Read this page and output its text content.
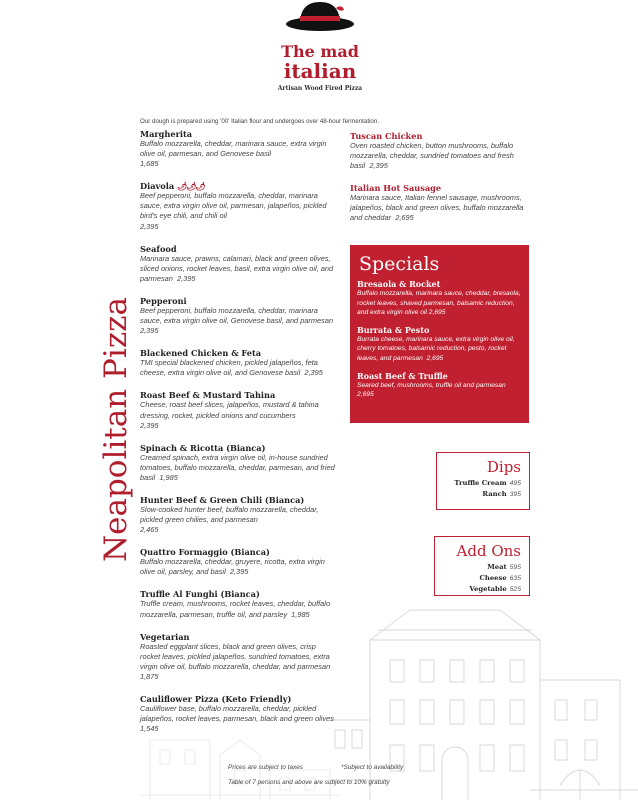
The mad
italian
Artisan Wood Fired Pizza
Neapolitan Pizza
Our dough is prepared using '00' Italian flour and undergoes over 48-hour fermentation.
Margherita

Buffalo mozzarella, cheddar, marinara sauce, extra virgin olive oil, parmesan, and Genovese basil
1,685

Diavola 🌶🌶🌶

Beef pepperoni, buffalo mozzarella, cheddar, marinara sauce, extra virgin olive oil, parmesan, jalapeños, pickled bird's eye chili, and chili oil
2,395

Seafood

Marinara sauce, prawns, calamari, black and green olives, sliced onions, rocket leaves, basil, extra virgin olive oil, and parmesan 2,395

Pepperoni

Beef pepperoni, buffalo mozzarella, cheddar, marinara sauce, extra virgin olive oil, Genovese basil, and parmesan  2,395

Blackened Chicken & Feta

TMI special blackened chicken, pickled jalapeños, feta cheese, extra virgin olive oil, and Genovese basil 2,395

Roast Beef & Mustard Tahina

Cheese, roast beef slices, jalapeños, mustard & tahina dressing, rocket, pickled onions and cucumbers
2,395

Spinach & Ricotta (Bianca)

Creamed spinach, extra virgin olive oil, in-house sundried tomatoes, buffalo mozzarella, cheddar, parmesan, and fried basil 1,985

Hunter Beef & Green Chili (Bianca)

Slow-cooked hunter beef, buffalo mozzarella, cheddar, pickled green chilies, and parmesan
2,465

Quattro Formaggio (Bianca)

Buffalo mozzarella, cheddar, gruyere, ricotta, extra virgin olive oil, parsley, and basil 2,395

Truffle Al Funghi (Bianca)

Truffle cream, mushrooms, rocket leaves, cheddar, buffalo mozzarella, parmesan, truffle oil, and parsley 1,985

Vegetarian

Roasted eggplant slices, black and green olives, crisp rocket leaves, pickled jalapeños, sundried tomatoes, extra virgin olive oil, buffalo mozzarella, cheddar, and parmesan  1,875

Cauliflower Pizza (Keto Friendly)

Cauliflower base, buffalo mozzarella, cheddar, pickled jalapeños, rocket leaves, parmesan, black and green olives  1,545

Tuscan Chicken

Oven roasted chicken, button mushrooms, buffalo mozzarella, cheddar, sundried tomatoes and fresh basil 2,395

Italian Hot Sausage

Marinara sauce, Italian fennel sausage, mushrooms, jalapeños, black and green olives, buffalo mozzarella and cheddar 2,695

Specials
Bresaola & Rocket

Buffalo mozzarella, marinara sauce, cheddar, bresaola, rocket leaves, shaved parmesan, balsamic reduction, and extra virgin olive oil 2,695

Burrata & Pesto

Burrata cheese, marinara sauce, extra virgin olive oil, cherry tomatoes, balsamic reduction, pesto, rocket leaves, and parmesan 2,695

Roast Beef & Truffle

Seared beef, mushrooms, truffle oil and parmesan  2,695

Dips
Truffle Cream 495
Ranch 395
Add Ons
Meat 595
Cheese 635
Vegetable 525
Prices are subject to taxes	*Subject to availability
Table of 7 persons and above are subject to 10% gratuity
